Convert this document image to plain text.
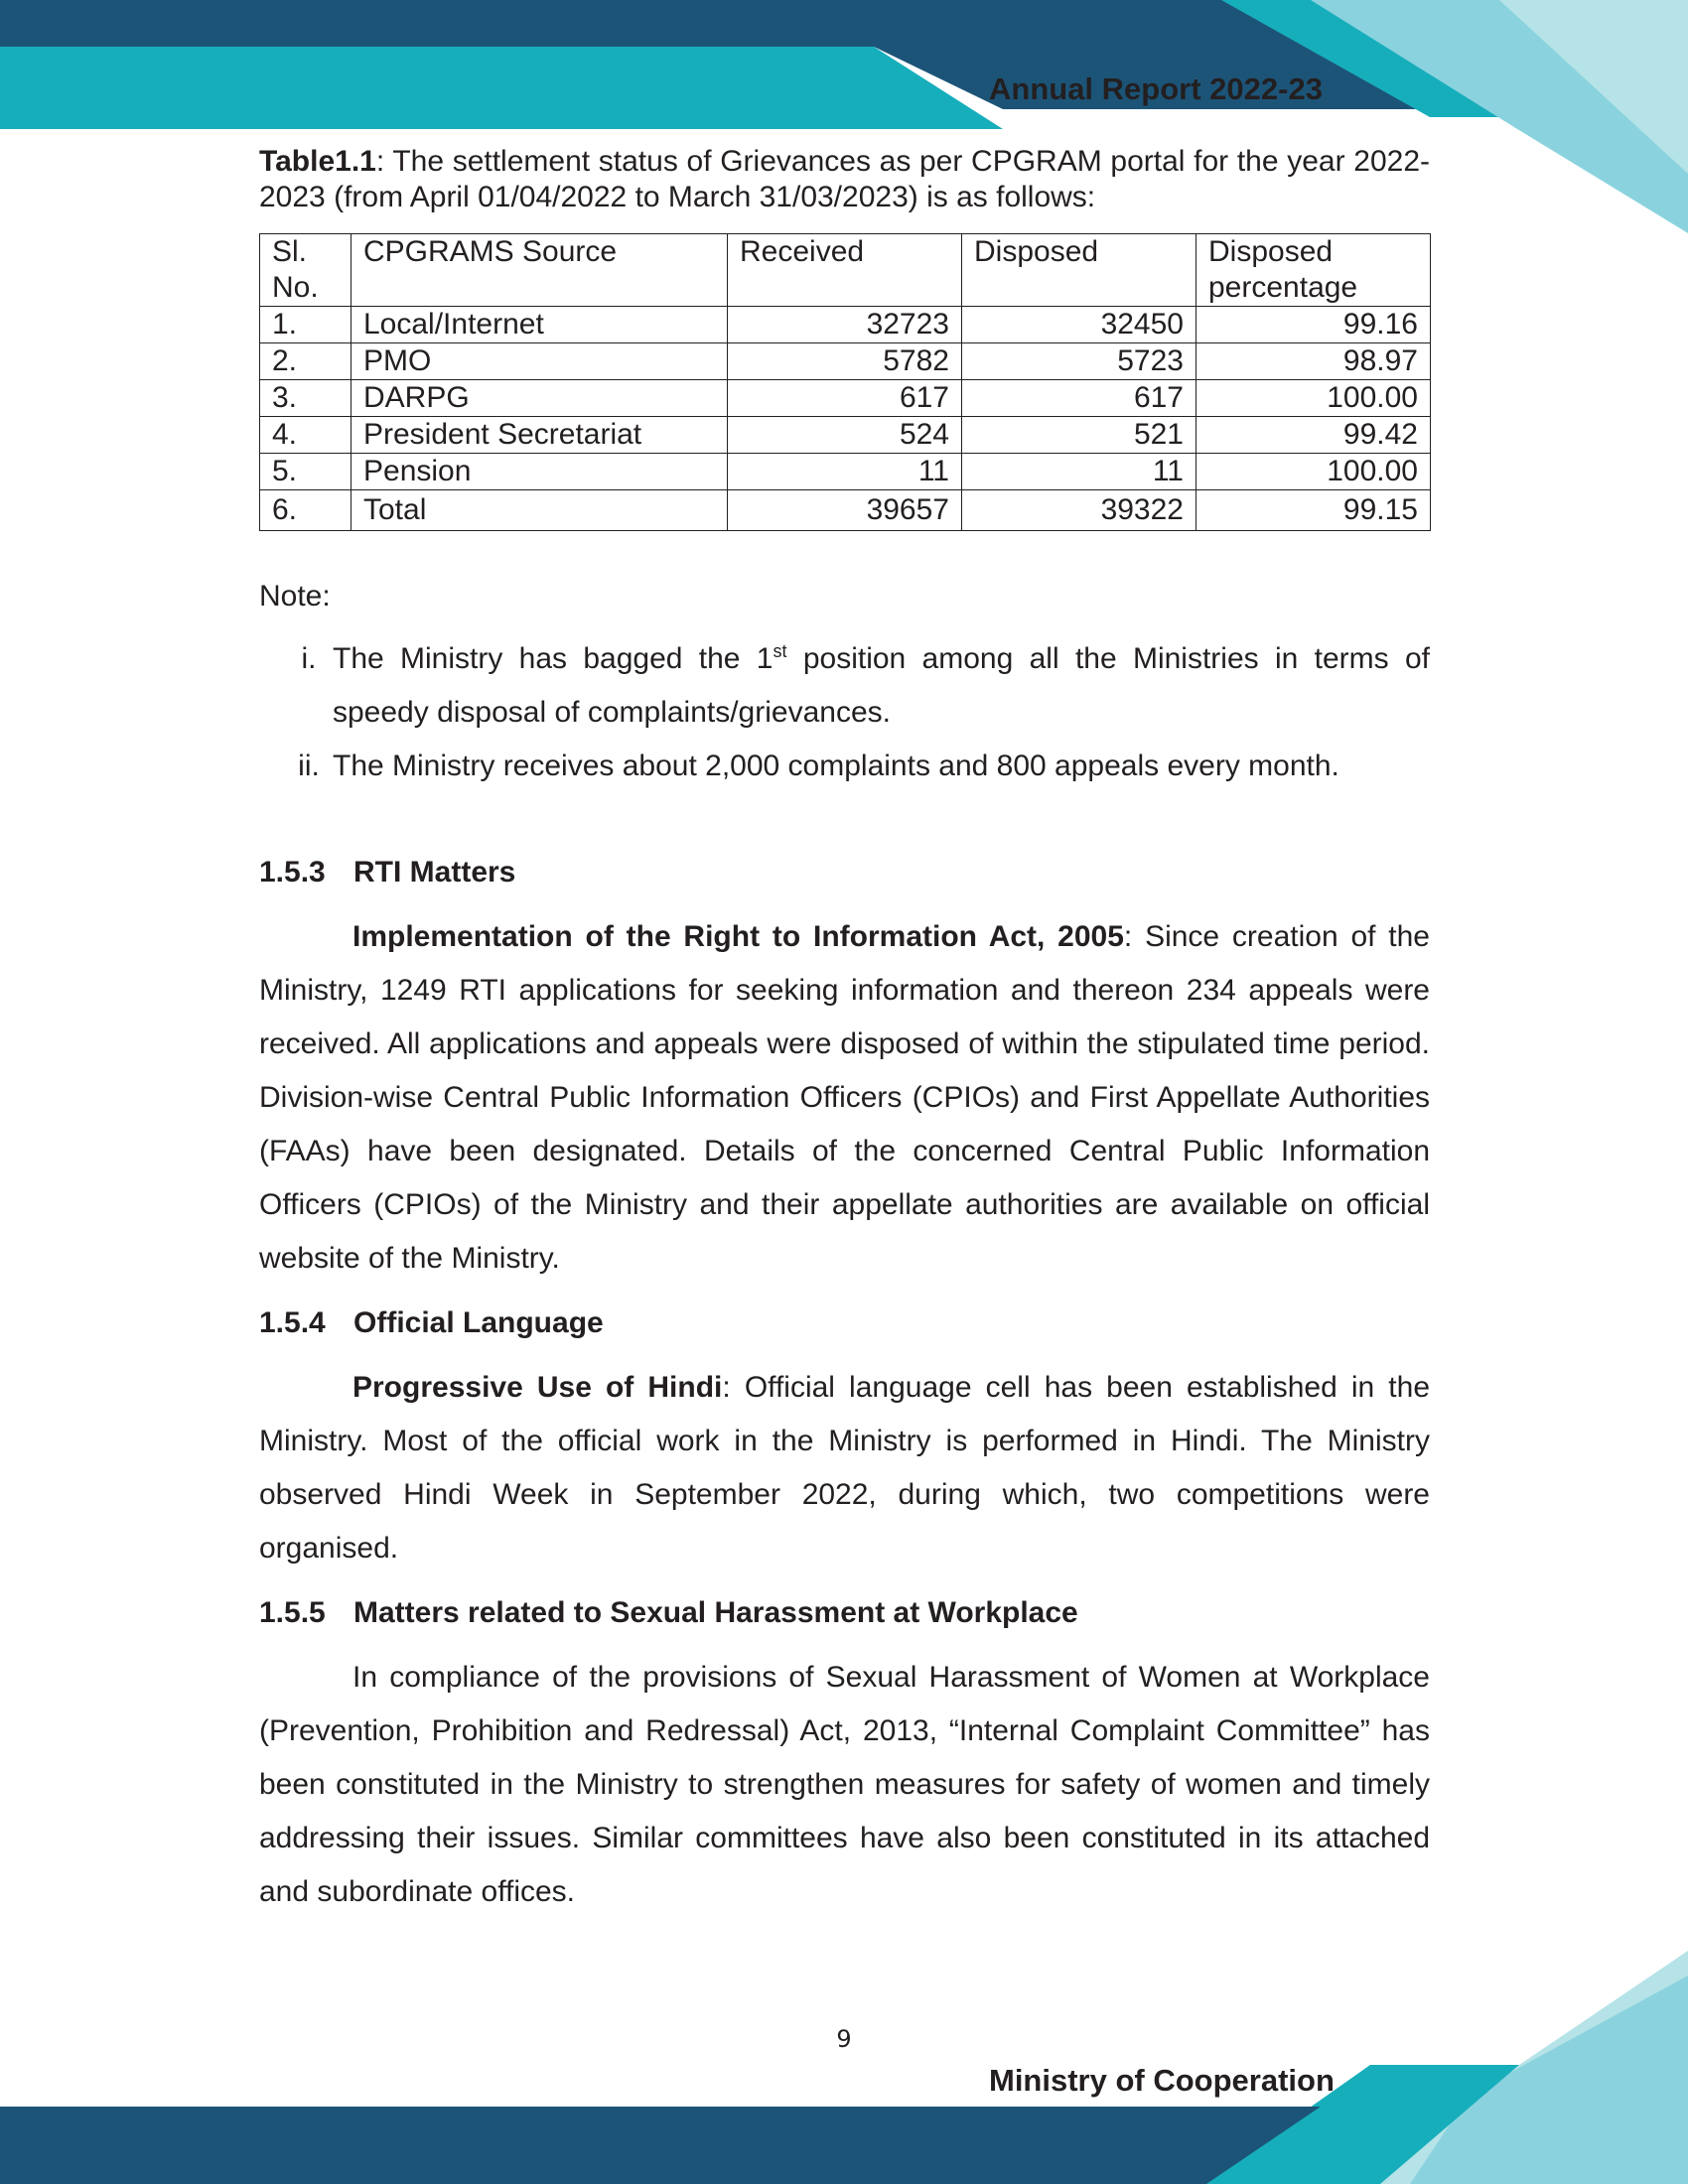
Annual Report 2022-23

Table1.1: The settlement status of Grievances as per CPGRAM portal for the year 2022-2023 (from April 01/04/2022 to March 31/03/2023) is as follows:

Sl. No.	CPGRAMS Source	Received	Disposed	Disposed percentage
1.	Local/Internet	32723	32450	99.16
2.	PMO	5782	5723	98.97
3.	DARPG	617	617	100.00
4.	President Secretariat	524	521	99.42
5.	Pension	11	11	100.00
6.	Total	39657	39322	99.15
Note:
i. The Ministry has bagged the 1st position among all the Ministries in terms of speedy disposal of complaints/grievances.
ii. The Ministry receives about 2,000 complaints and 800 appeals every month.
1.5.3 RTI Matters

Implementation of the Right to Information Act, 2005: Since creation of the Ministry, 1249 RTI applications for seeking information and thereon 234 appeals were received. All applications and appeals were disposed of within the stipulated time period. Division-wise Central Public Information Officers (CPIOs) and First Appellate Authorities (FAAs) have been designated. Details of the concerned Central Public Information Officers (CPIOs) of the Ministry and their appellate authorities are available on official website of the Ministry.

1.5.4 Official Language

Progressive Use of Hindi: Official language cell has been established in the Ministry. Most of the official work in the Ministry is performed in Hindi. The Ministry observed Hindi Week in September 2022, during which, two competitions were organised.

1.5.5 Matters related to Sexual Harassment at Workplace

In compliance of the provisions of Sexual Harassment of Women at Workplace (Prevention, Prohibition and Redressal) Act, 2013, “Internal Complaint Committee” has been constituted in the Ministry to strengthen measures for safety of women and timely addressing their issues. Similar committees have also been constituted in its attached and subordinate offices.

9
Ministry of Cooperation
